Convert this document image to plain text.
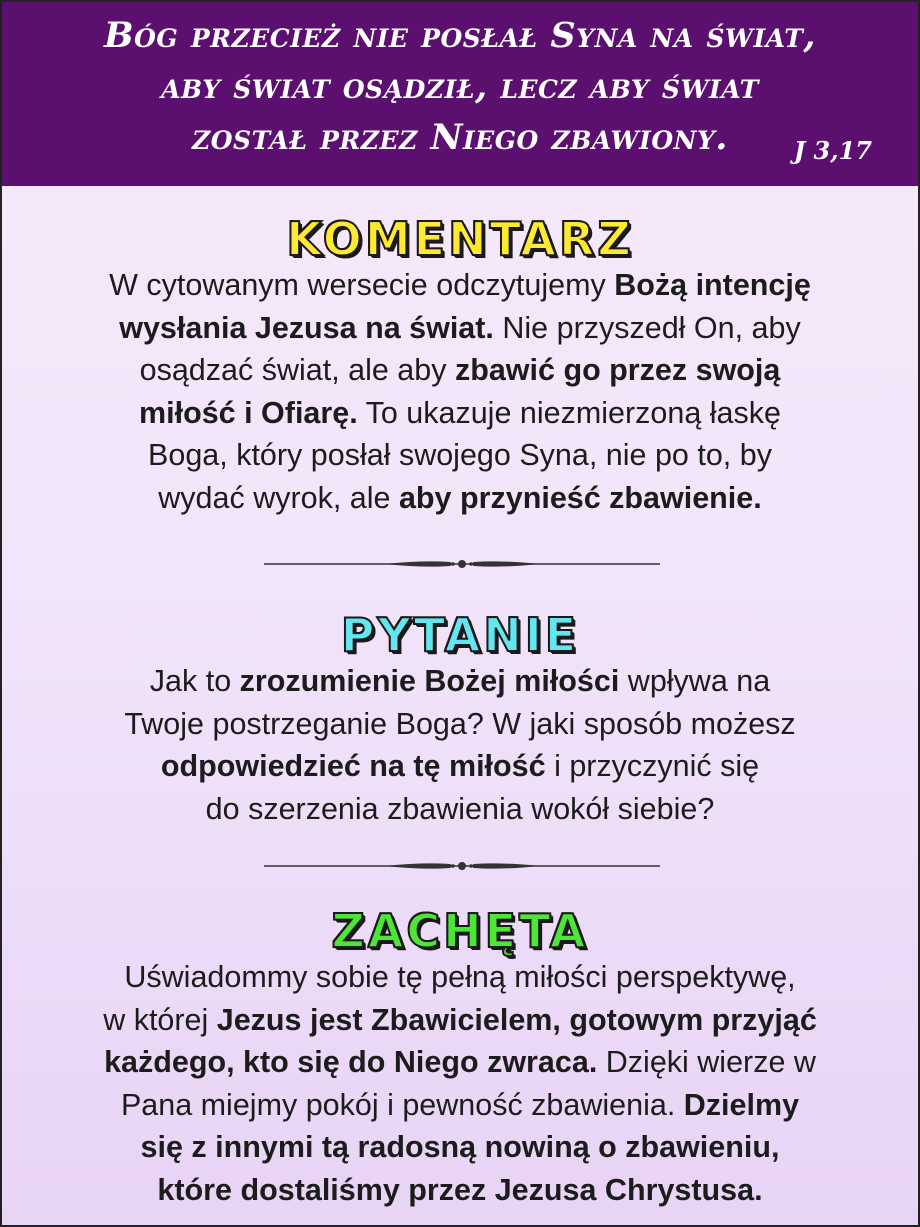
Bóg przecież nie posłał Syna na świat,
aby świat osądził, lecz aby świat
został przez Niego zbawiony.	J 3,17
KOMENTARZ
W cytowanym wersecie odczytujemy Bożą intencję
wysłania Jezusa na świat. Nie przyszedł On, aby
osądzać świat, ale aby zbawić go przez swoją
miłość i Ofiarę. To ukazuje niezmierzoną łaskę
Boga, który posłał swojego Syna, nie po to, by
wydać wyrok, ale aby przynieść zbawienie.
PYTANIE
Jak to zrozumienie Bożej miłości wpływa na
Twoje postrzeganie Boga? W jaki sposób możesz
odpowiedzieć na tę miłość i przyczynić się
do szerzenia zbawienia wokół siebie?
ZACHĘTA
Uświadommy sobie tę pełną miłości perspektywę,
w której Jezus jest Zbawicielem, gotowym przyjąć
każdego, kto się do Niego zwraca. Dzięki wierze w
Pana miejmy pokój i pewność zbawienia. Dzielmy
się z innymi tą radosną nowiną o zbawieniu,
które dostaliśmy przez Jezusa Chrystusa.
